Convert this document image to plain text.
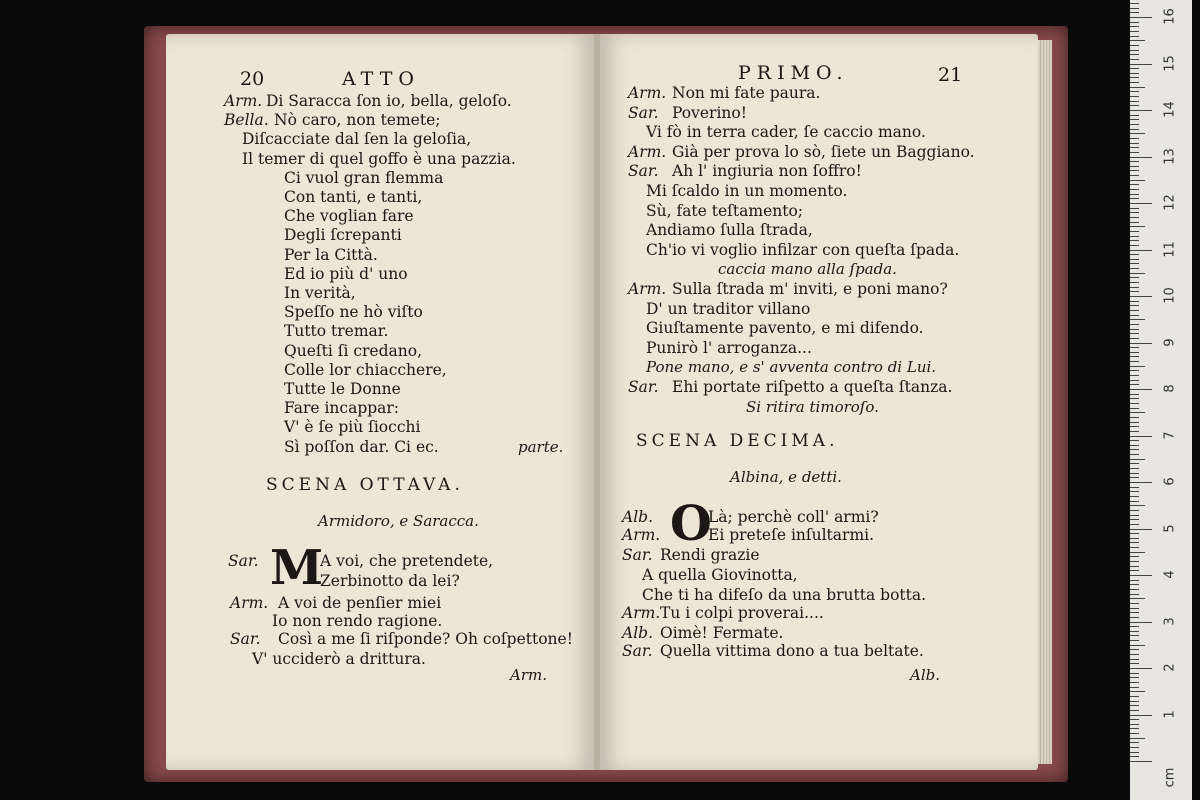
20	ATTO
Arm. Di Saracca ſon io, bella, geloſo.
Bella. Nò caro, non temete;
Diſcacciate dal ſen la geloſia,
Il temer di quel goffo è una pazzia.
Ci vuol gran flemma
Con tanti, e tanti,
Che voglian fare
Degli ſcrepanti
Per la Città.
Ed io più d' uno
In verità,
Speſſo ne hò viſto
Tutto tremar.
Queſti ſi credano,
Colle lor chiacchere,
Tutte le Donne
Fare incappar:
V' è ſe più ſiocchi
Sì poſſon dar. Ci ec.	parte.
SCENA OTTAVA.
Armidoro, e Saracca.
Sar. M
A voi, che pretendete,
Zerbinotto da lei?
Arm. A voi de penſier miei
Io non rendo ragione.
Sar. Così a me ſi riſponde? Oh coſpettone!
V' ucciderò a drittura.
Arm.
PRIMO.	21
Arm. Non mi fate paura.
Sar. Poverino!
Vi fò in terra cader, ſe caccio mano.
Arm. Già per prova lo sò, ſiete un Baggiano.
Sar. Ah l' ingiuria non ſoffro!
Mi ſcaldo in un momento.
Sù, fate teſtamento;
Andiamo ſulla ſtrada,
Ch'io vi voglio infilzar con queſta ſpada.
caccia mano alla ſpada.
Arm. Sulla ſtrada m' inviti, e poni mano?
D' un traditor villano
Giuſtamente pavento, e mi difendo.
Punirò l' arroganza...
Pone mano, e s' avventa contro di Lui.
Sar. Ehi portate riſpetto a queſta ſtanza.
Si ritira timoroſo.
SCENA DECIMA.
Albina, e detti.
Alb. O
Là; perchè coll' armi?
Arm.	Ei preteſe inſultarmi.
Sar. Rendi grazie
A quella Giovinotta,
Che ti ha difeſo da una brutta botta.
Arm. Tu i colpi proverai....
Alb. Oimè! Fermate.
Sar. Quella vittima dono a tua beltate.
Alb.
cm
1
2
3
4
5
6
7
8
9
10
11
12
13
14
15
16
